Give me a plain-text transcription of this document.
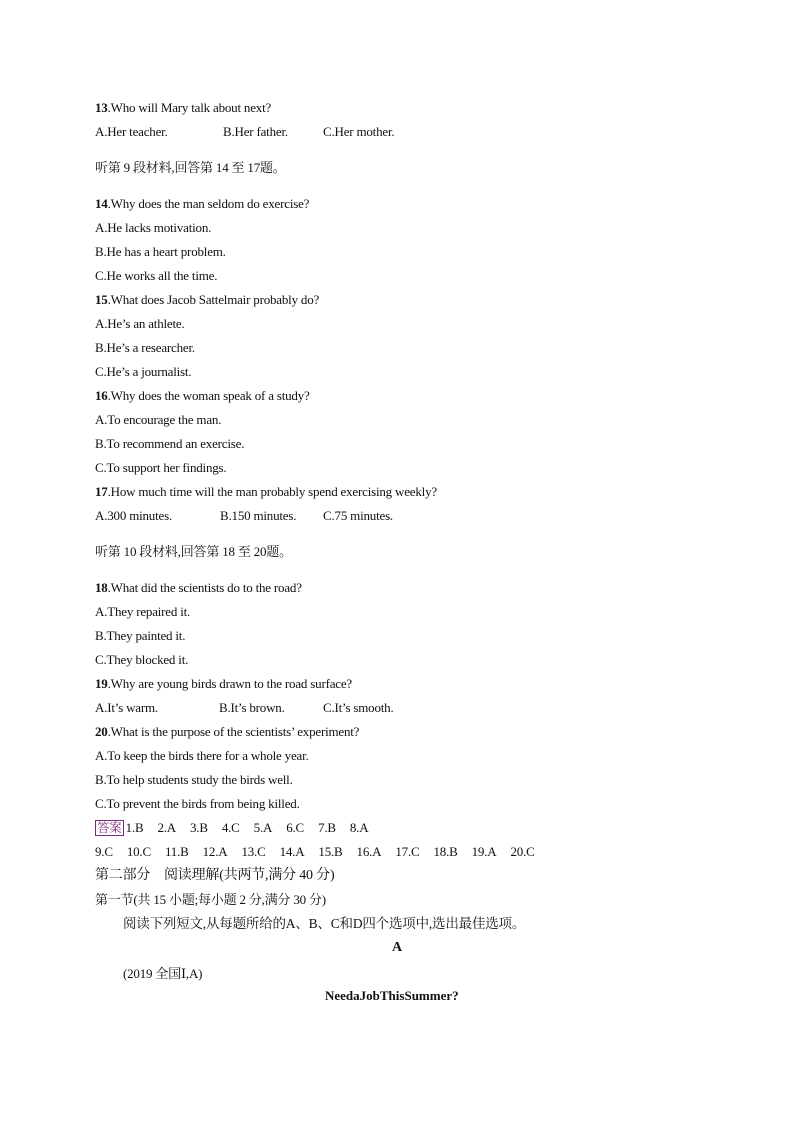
13.Who will Mary talk about next?
A.Her teacher.	B.Her father.	C.Her mother.
听第 9 段材料,回答第 14 至 17题。
14.Why does the man seldom do exercise?
A.He lacks motivation.
B.He has a heart problem.
C.He works all the time.
15.What does Jacob Sattelmair probably do?
A.He’s an athlete.
B.He’s a researcher.
C.He’s a journalist.
16.Why does the woman speak of a study?
A.To encourage the man.
B.To recommend an exercise.
C.To support her findings.
17.How much time will the man probably spend exercising weekly?
A.300 minutes.	B.150 minutes. C.75 minutes.
听第 10 段材料,回答第 18 至 20题。
18.What did the scientists do to the road?
A.They repaired it.
B.They painted it.
C.They blocked it.
19.Why are young birds drawn to the road surface?
A.It’s warm.	B.It’s brown.	C.It’s smooth.
20.What is the purpose of the scientists’ experiment?
A.To keep the birds there for a whole year.
B.To help students study the birds well.
C.To prevent the birds from being killed.
答案 1.B 2.A 3.B 4.C 5.A 6.C 7.B 8.A
9.C 10.C 11.B 12.A 13.C 14.A 15.B 16.A 17.C 18.B 19.A 20.C
第二部分　阅读理解(共两节,满分 40 分)
第一节(共 15 小题;每小题 2 分,满分 30 分)
阅读下列短文,从每题所给的A、B、C和D四个选项中,选出最佳选项。
A
(2019 全国Ⅰ,A)
NeedaJobThisSummer?
